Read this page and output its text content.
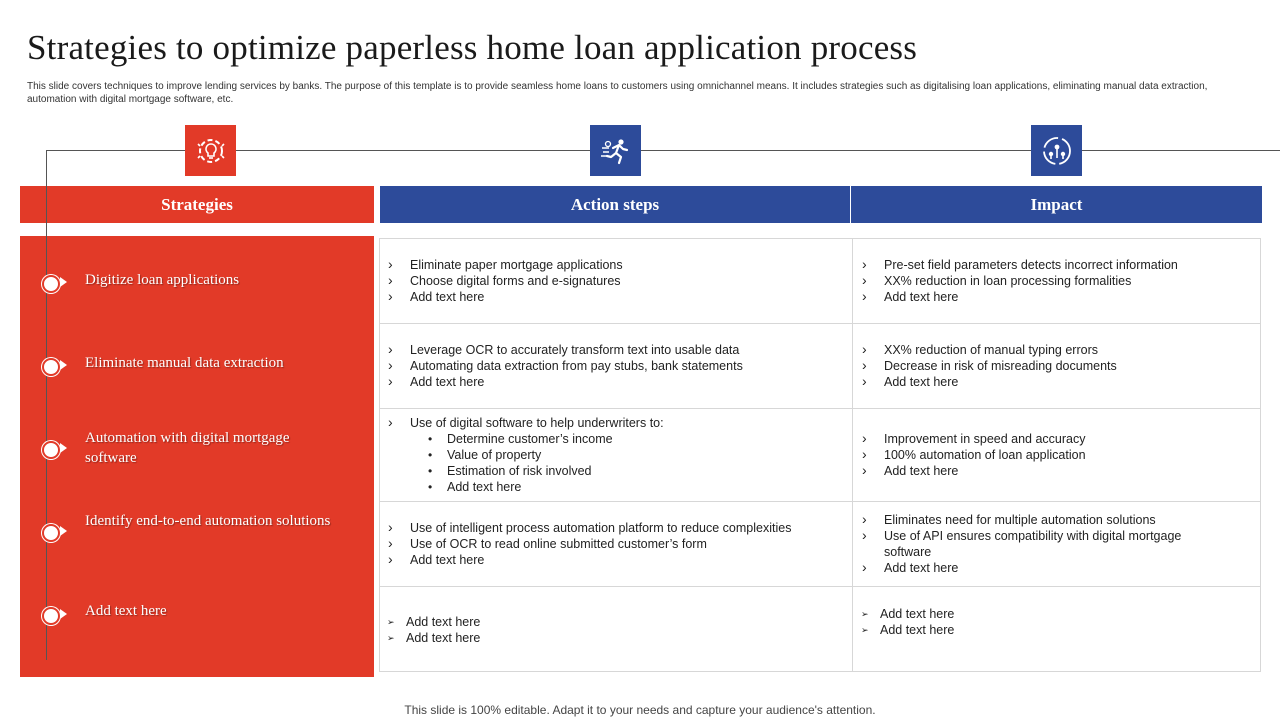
Strategies to optimize paperless home loan application process
This slide covers techniques to improve lending services by banks. The purpose of this template is to provide seamless home loans to customers using omnichannel means. It includes strategies such as digitalising loan applications, eliminating manual data extraction, automation with digital mortgage software, etc.
Strategies	Action steps	Impact
Digitize loan applications
Eliminate manual data extraction
Automation with digital mortgage software
Identify end-to-end automation solutions
Add text here
› Eliminate paper mortgage applications
› Choose digital forms and e-signatures
› Add text here
› Leverage OCR to accurately transform text into usable data
› Automating data extraction from pay stubs, bank statements
› Add text here
› Use of digital software to help underwriters to:
• Determine customer’s income
• Value of property
• Estimation of risk involved
• Add text here
› Use of intelligent process automation platform to reduce complexities
› Use of OCR to read online submitted customer’s form
› Add text here
➢ Add text here
➢ Add text here
› Pre-set field parameters detects incorrect information
› XX% reduction in loan processing formalities
› Add text here
› XX% reduction of manual typing errors
› Decrease in risk of misreading documents
› Add text here
› Improvement in speed and accuracy
› 100% automation of loan application
› Add text here
› Eliminates need for multiple automation solutions
› Use of API ensures compatibility with digital mortgage software
› Add text here
➢ Add text here
➢ Add text here
This slide is 100% editable. Adapt it to your needs and capture your audience's attention.
